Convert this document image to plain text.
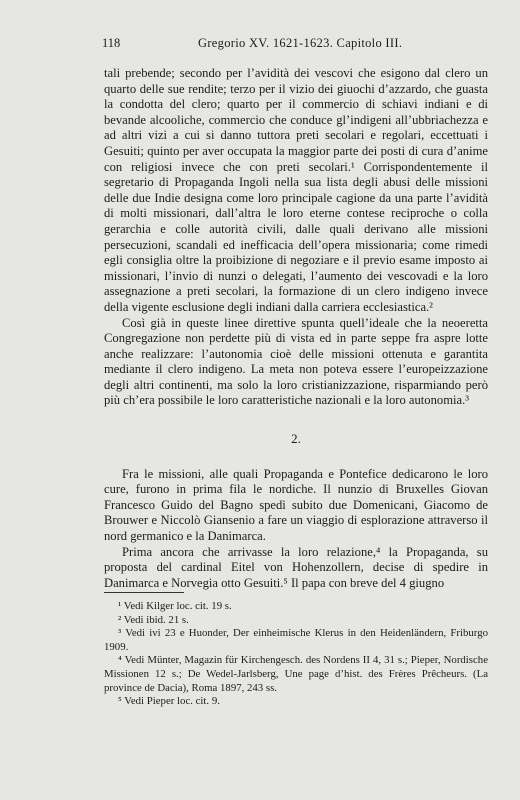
118	Gregorio XV. 1621-1623. Capitolo III.

tali prebende; secondo per l’avidità dei vescovi che esigono dal clero un quarto delle sue rendite; terzo per il vizio dei giuochi d’azzardo, che guasta la condotta del clero; quarto per il commercio di schiavi indiani e di bevande alcooliche, commercio che conduce gl’indigeni all’ubbriachezza e ad altri vizi a cui si danno tuttora preti secolari e regolari, eccettuati i Gesuiti; quinto per aver occupata la maggior parte dei posti di cura d’anime con religiosi invece che con preti secolari.¹ Corrispondentemente il segretario di Propaganda Ingoli nella sua lista degli abusi delle missioni delle due Indie designa come loro principale cagione da una parte l’avidità di molti missionari, dall’altra le loro eterne contese reciproche o colla gerarchia e colle autorità civili, dalle quali derivano alle missioni persecuzioni, scandali ed inefficacia dell’opera missionaria; come rimedi egli consiglia oltre la proibizione di negoziare e il previo esame imposto ai missionari, l’invio di nunzi o delegati, l’aumento dei vescovadi e la loro assegnazione a preti secolari, la formazione di un clero indigeno invece della vigente esclusione degli indiani dalla carriera ecclesiastica.²

Così già in queste linee direttive spunta quell’ideale che la neoeretta Congregazione non perdette più di vista ed in parte seppe fra aspre lotte anche realizzare: l’autonomia cioè delle missioni ottenuta e garantita mediante il clero indigeno. La meta non poteva essere l’europeizzazione degli altri continenti, ma solo la loro cristianizzazione, risparmiando però più ch’era possibile le loro caratteristiche nazionali e la loro autonomia.³

2.

Fra le missioni, alle quali Propaganda e Pontefice dedicarono le loro cure, furono in prima fila le nordiche. Il nunzio di Bruxelles Giovan Francesco Guido del Bagno spedì subito due Domenicani, Giacomo de Brouwer e Niccolò Giansenio a fare un viaggio di esplorazione attraverso il nord germanico e la Danimarca.

Prima ancora che arrivasse la loro relazione,⁴ la Propaganda, su proposta del cardinal Eitel von Hohenzollern, decise di spedire in Danimarca e Norvegia otto Gesuiti.⁵ Il papa con breve del 4 giugno

¹ Vedi Kilger loc. cit. 19 s.

² Vedi ibid. 21 s.

³ Vedi ivi 23 e Huonder, Der einheimische Klerus in den Heidenländern, Friburgo 1909.

⁴ Vedi Münter, Magazin für Kirchengesch. des Nordens II 4, 31 s.; Pieper, Nordische Missionen 12 s.; De Wedel-Jarlsberg, Une page d’hist. des Frères Prêcheurs. (La province de Dacia), Roma 1897, 243 ss.

⁵ Vedi Pieper loc. cit. 9.
